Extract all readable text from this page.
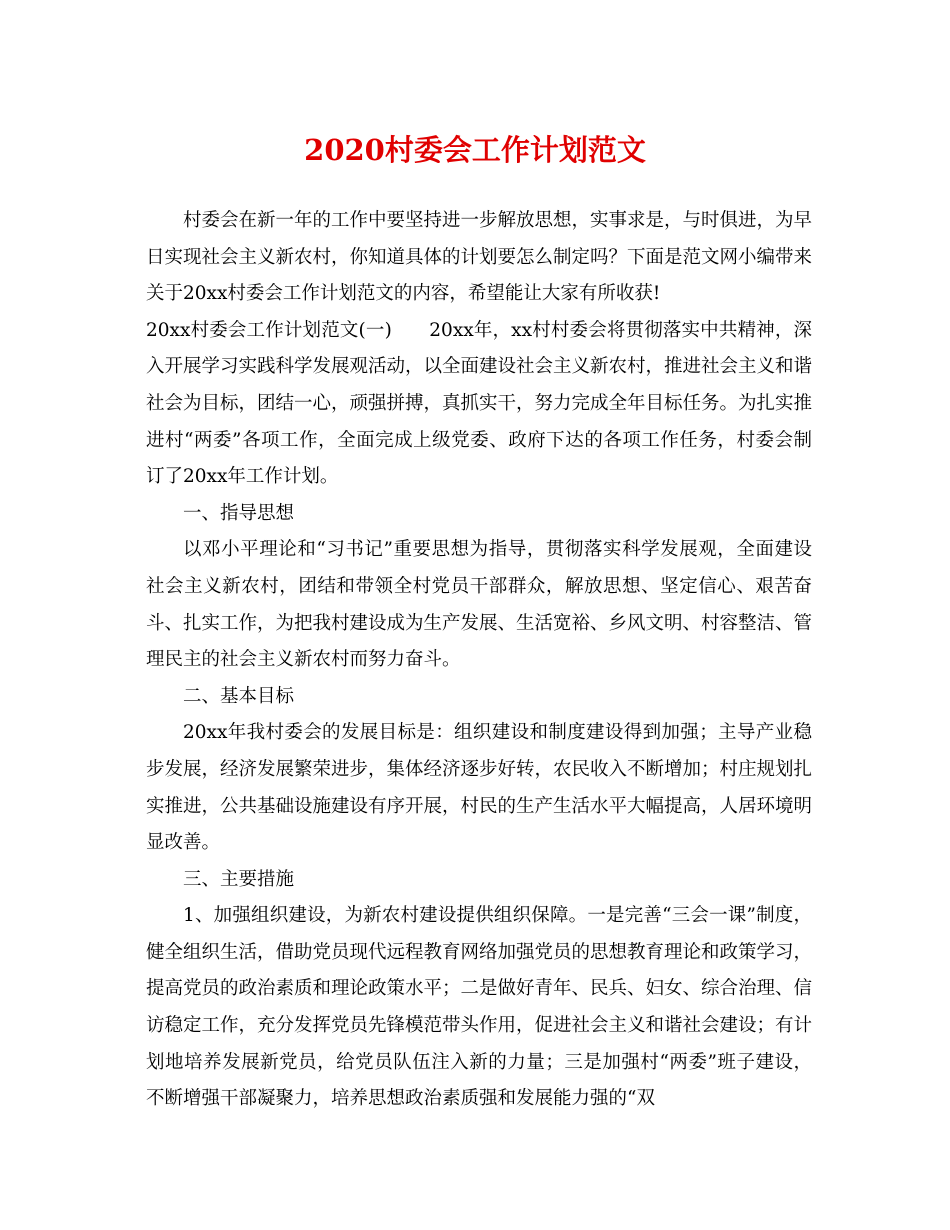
2020村委会工作计划范文

村委会在新一年的工作中要坚持进一步解放思想，实事求是，与时俱进，为早日实现社会主义新农村，你知道具体的计划要怎么制定吗？下面是范文网小编带来关于20xx村委会工作计划范文的内容，希望能让大家有所收获!

20xx村委会工作计划范文(一)　　20xx年，xx村村委会将贯彻落实中共精神，深入开展学习实践科学发展观活动，以全面建设社会主义新农村，推进社会主义和谐社会为目标，团结一心，顽强拼搏，真抓实干，努力完成全年目标任务。为扎实推进村“两委”各项工作，全面完成上级党委、政府下达的各项工作任务，村委会制订了20xx年工作计划。

一、指导思想

以邓小平理论和“习书记”重要思想为指导，贯彻落实科学发展观，全面建设社会主义新农村，团结和带领全村党员干部群众，解放思想、坚定信心、艰苦奋斗、扎实工作，为把我村建设成为生产发展、生活宽裕、乡风文明、村容整洁、管理民主的社会主义新农村而努力奋斗。

二、基本目标

20xx年我村委会的发展目标是：组织建设和制度建设得到加强；主导产业稳步发展，经济发展繁荣进步，集体经济逐步好转，农民收入不断增加；村庄规划扎实推进，公共基础设施建设有序开展，村民的生产生活水平大幅提高，人居环境明显改善。

三、主要措施

1、加强组织建设，为新农村建设提供组织保障。一是完善“三会一课”制度，健全组织生活，借助党员现代远程教育网络加强党员的思想教育理论和政策学习，提高党员的政治素质和理论政策水平；二是做好青年、民兵、妇女、综合治理、信访稳定工作，充分发挥党员先锋模范带头作用，促进社会主义和谐社会建设；有计划地培养发展新党员，给党员队伍注入新的力量；三是加强村“两委”班子建设，不断增强干部凝聚力，培养思想政治素质强和发展能力强的“双
